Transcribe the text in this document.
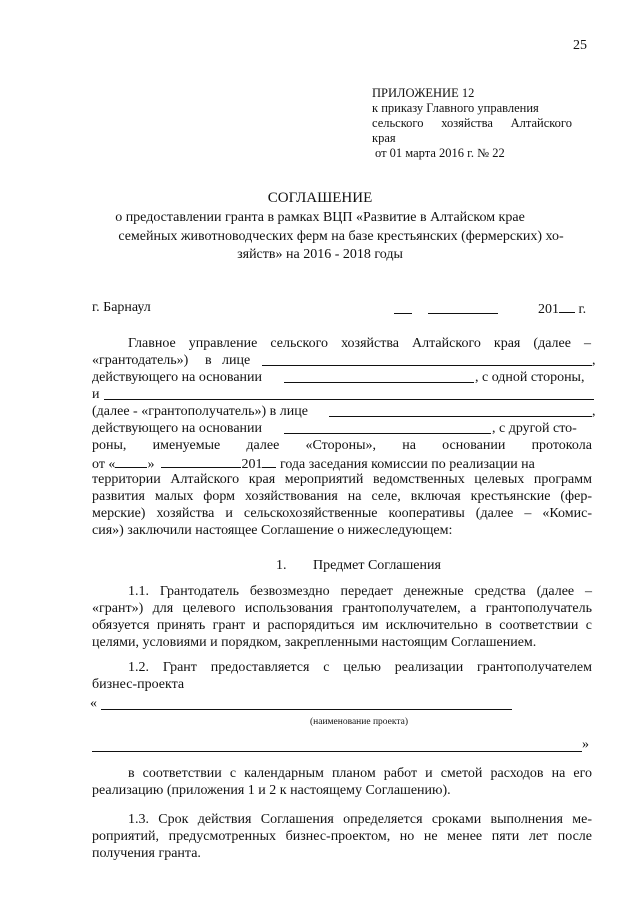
25
ПРИЛОЖЕНИЕ 12
к приказу Главного управления
сельского хозяйства Алтайского
края
от 01 марта 2016 г. № 22
СОГЛАШЕНИЕ
о предоставлении гранта в рамках ВЦП «Развитие в Алтайском крае
семейных животноводческих ферм на базе крестьянских (фермерских) хо-
зяйств» на 2016 - 2018 годы
г. Барнаул	201 г.
Главное управление сельского хозяйства Алтайского края (далее –
«грантодатель») в лице	,
действующего на основании	, с одной стороны,
и
(далее - «грантополучатель») в лице	,
действующего на основании	, с другой сто-
роны, именуемые далее «Стороны», на основании протокола
от « »	201 года заседания комиссии по реализации на
территории Алтайского края мероприятий ведомственных целевых программ
развития малых форм хозяйствования на селе, включая крестьянские (фер-
мерские) хозяйства и сельскохозяйственные кооперативы (далее – «Комис-
сия») заключили настоящее Соглашение о нижеследующем:
1. Предмет Соглашения
1.1. Грантодатель безвозмездно передает денежные средства (далее –
«грант») для целевого использования грантополучателем, а грантополучатель
обязуется принять грант и распорядиться им исключительно в соответствии с
целями, условиями и порядком, закрепленными настоящим Соглашением.
1.2. Грант предоставляется с целью реализации грантополучателем
бизнес-проекта
«
(наименование проекта)
»
в соответствии с календарным планом работ и сметой расходов на его
реализацию (приложения 1 и 2 к настоящему Соглашению).
1.3. Срок действия Соглашения определяется сроками выполнения ме-
роприятий, предусмотренных бизнес-проектом, но не менее пяти лет после
получения гранта.
